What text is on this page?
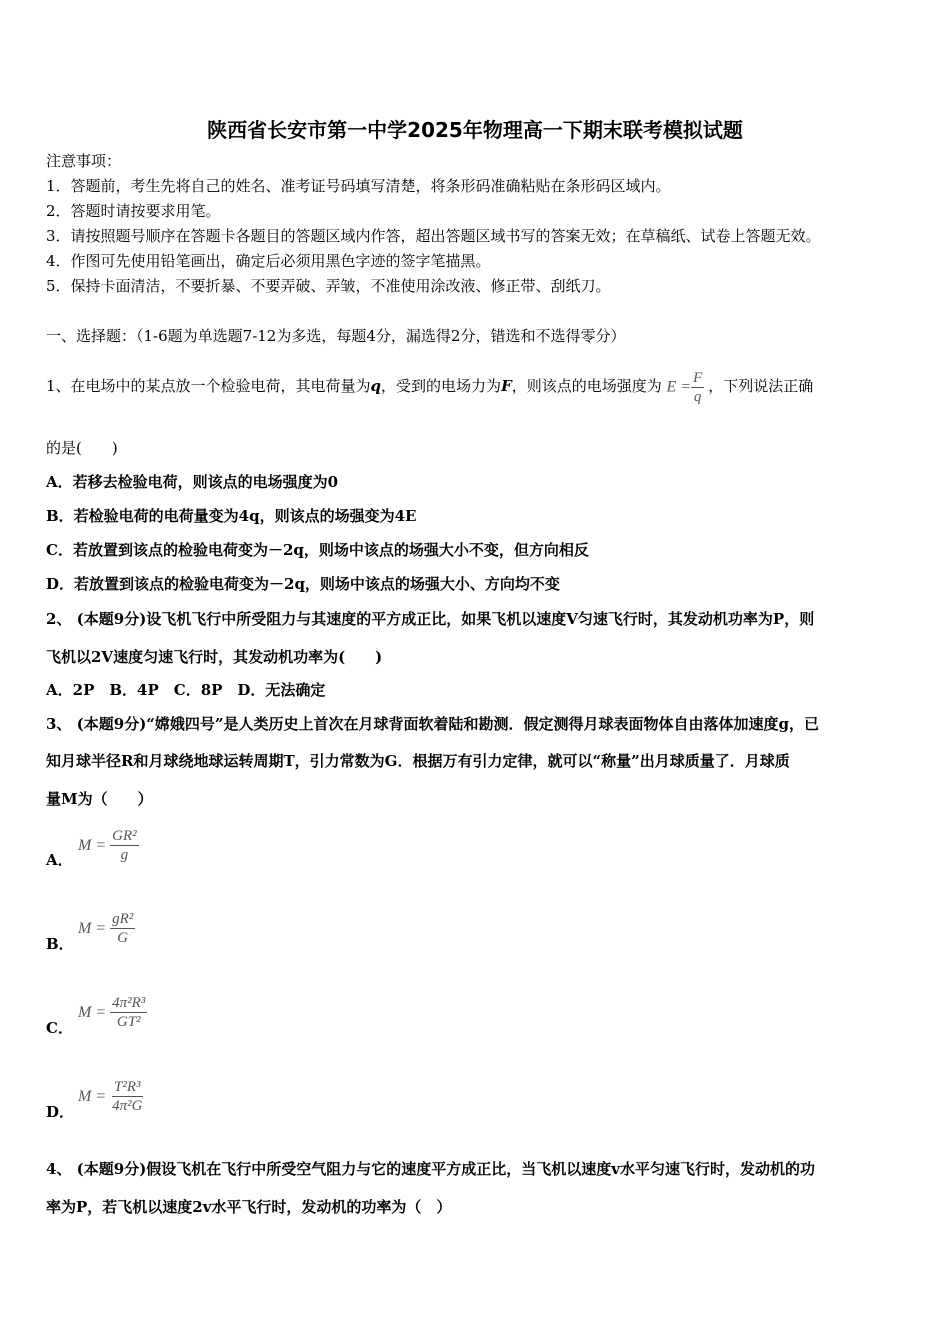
陕西省长安市第一中学2025年物理高一下期末联考模拟试题
注意事项：
1．答题前，考生先将自己的姓名、准考证号码填写清楚，将条形码准确粘贴在条形码区域内。
2．答题时请按要求用笔。
3．请按照题号顺序在答题卡各题目的答题区域内作答，超出答题区域书写的答案无效；在草稿纸、试卷上答题无效。
4．作图可先使用铅笔画出，确定后必须用黑色字迹的签字笔描黑。
5．保持卡面清洁，不要折暴、不要弄破、弄皱，不准使用涂改液、修正带、刮纸刀。
一、选择题：（1-6题为单选题7-12为多选，每题4分，漏选得2分，错选和不选得零分）
1、在电场中的某点放一个检验电荷，其电荷量为q，受到的电场力为F，则该点的电场强度为 $E = \frac{F}{q}$ ，下列说法正确
的是(　　)
A．若移去检验电荷，则该点的电场强度为0
B．若检验电荷的电荷量变为4q，则该点的场强变为4E
C．若放置到该点的检验电荷变为－2q，则场中该点的场强大小不变，但方向相反
D．若放置到该点的检验电荷变为－2q，则场中该点的场强大小、方向均不变
2、 (本题9分)设飞机飞行中所受阻力与其速度的平方成正比，如果飞机以速度V匀速飞行时，其发动机功率为P，则
飞机以2V速度匀速飞行时，其发动机功率为(　　)
A．2P　B．4P　C．8P　D．无法确定
3、 (本题9分)“嫦娥四号”是人类历史上首次在月球背面软着陆和勘测．假定测得月球表面物体自由落体加速度g，已
知月球半径R和月球绕地球运转周期T，引力常数为G．根据万有引力定律，就可以“称量”出月球质量了．月球质
量M为（　　）
A．
$M = \frac{\text{GR²}}{g}$
B．
$M = \frac{\text{gR²}}{G}$
C．
$M = \frac{\text{4π²R³}}{\text{GT²}}$
D．
$M = \frac{\text{T²R³}}{\text{4π²G}}$
4、 (本题9分)假设飞机在飞行中所受空气阻力与它的速度平方成正比，当飞机以速度v水平匀速飞行时，发动机的功
率为P，若飞机以速度2v水平飞行时，发动机的功率为（　）
